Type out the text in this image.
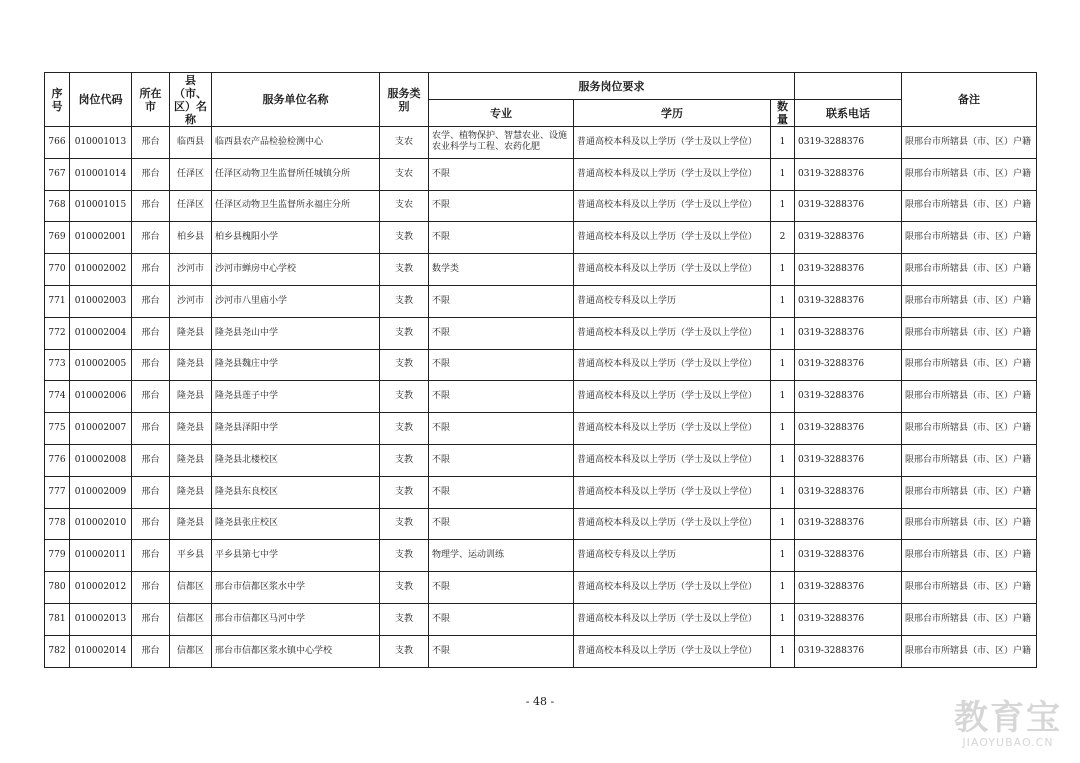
序号	岗位代码	所在市	县（市、区）名称	服务单位名称	服务类别	服务岗位要求				备注
						专业	学历	数量	联系电话	
766	010001013	邢台	临西县	临西县农产品检验检测中心	支农	农学、植物保护、智慧农业、设施农业科学与工程、农药化肥	普通高校本科及以上学历（学士及以上学位）	1	0319-3288376	限邢台市所辖县（市、区）户籍
767	010001014	邢台	任泽区	任泽区动物卫生监督所任城镇分所	支农	不限	普通高校本科及以上学历（学士及以上学位）	1	0319-3288376	限邢台市所辖县（市、区）户籍
768	010001015	邢台	任泽区	任泽区动物卫生监督所永福庄分所	支农	不限	普通高校本科及以上学历（学士及以上学位）	1	0319-3288376	限邢台市所辖县（市、区）户籍
769	010002001	邢台	柏乡县	柏乡县槐阳小学	支教	不限	普通高校本科及以上学历（学士及以上学位）	2	0319-3288376	限邢台市所辖县（市、区）户籍
770	010002002	邢台	沙河市	沙河市蝉房中心学校	支教	数学类	普通高校本科及以上学历（学士及以上学位）	1	0319-3288376	限邢台市所辖县（市、区）户籍
771	010002003	邢台	沙河市	沙河市八里庙小学	支教	不限	普通高校专科及以上学历	1	0319-3288376	限邢台市所辖县（市、区）户籍
772	010002004	邢台	隆尧县	隆尧县尧山中学	支教	不限	普通高校本科及以上学历（学士及以上学位）	1	0319-3288376	限邢台市所辖县（市、区）户籍
773	010002005	邢台	隆尧县	隆尧县魏庄中学	支教	不限	普通高校本科及以上学历（学士及以上学位）	1	0319-3288376	限邢台市所辖县（市、区）户籍
774	010002006	邢台	隆尧县	隆尧县莲子中学	支教	不限	普通高校本科及以上学历（学士及以上学位）	1	0319-3288376	限邢台市所辖县（市、区）户籍
775	010002007	邢台	隆尧县	隆尧县泽阳中学	支教	不限	普通高校本科及以上学历（学士及以上学位）	1	0319-3288376	限邢台市所辖县（市、区）户籍
776	010002008	邢台	隆尧县	隆尧县北楼校区	支教	不限	普通高校本科及以上学历（学士及以上学位）	1	0319-3288376	限邢台市所辖县（市、区）户籍
777	010002009	邢台	隆尧县	隆尧县东良校区	支教	不限	普通高校本科及以上学历（学士及以上学位）	1	0319-3288376	限邢台市所辖县（市、区）户籍
778	010002010	邢台	隆尧县	隆尧县张庄校区	支教	不限	普通高校本科及以上学历（学士及以上学位）	1	0319-3288376	限邢台市所辖县（市、区）户籍
779	010002011	邢台	平乡县	平乡县第七中学	支教	物理学、运动训练	普通高校专科及以上学历	1	0319-3288376	限邢台市所辖县（市、区）户籍
780	010002012	邢台	信都区	邢台市信都区浆水中学	支教	不限	普通高校本科及以上学历（学士及以上学位）	1	0319-3288376	限邢台市所辖县（市、区）户籍
781	010002013	邢台	信都区	邢台市信都区马河中学	支教	不限	普通高校本科及以上学历（学士及以上学位）	1	0319-3288376	限邢台市所辖县（市、区）户籍
782	010002014	邢台	信都区	邢台市信都区浆水镇中心学校	支教	不限	普通高校本科及以上学历（学士及以上学位）	1	0319-3288376	限邢台市所辖县（市、区）户籍
- 48 -	教育宝
JIAOYUBAO.CN
